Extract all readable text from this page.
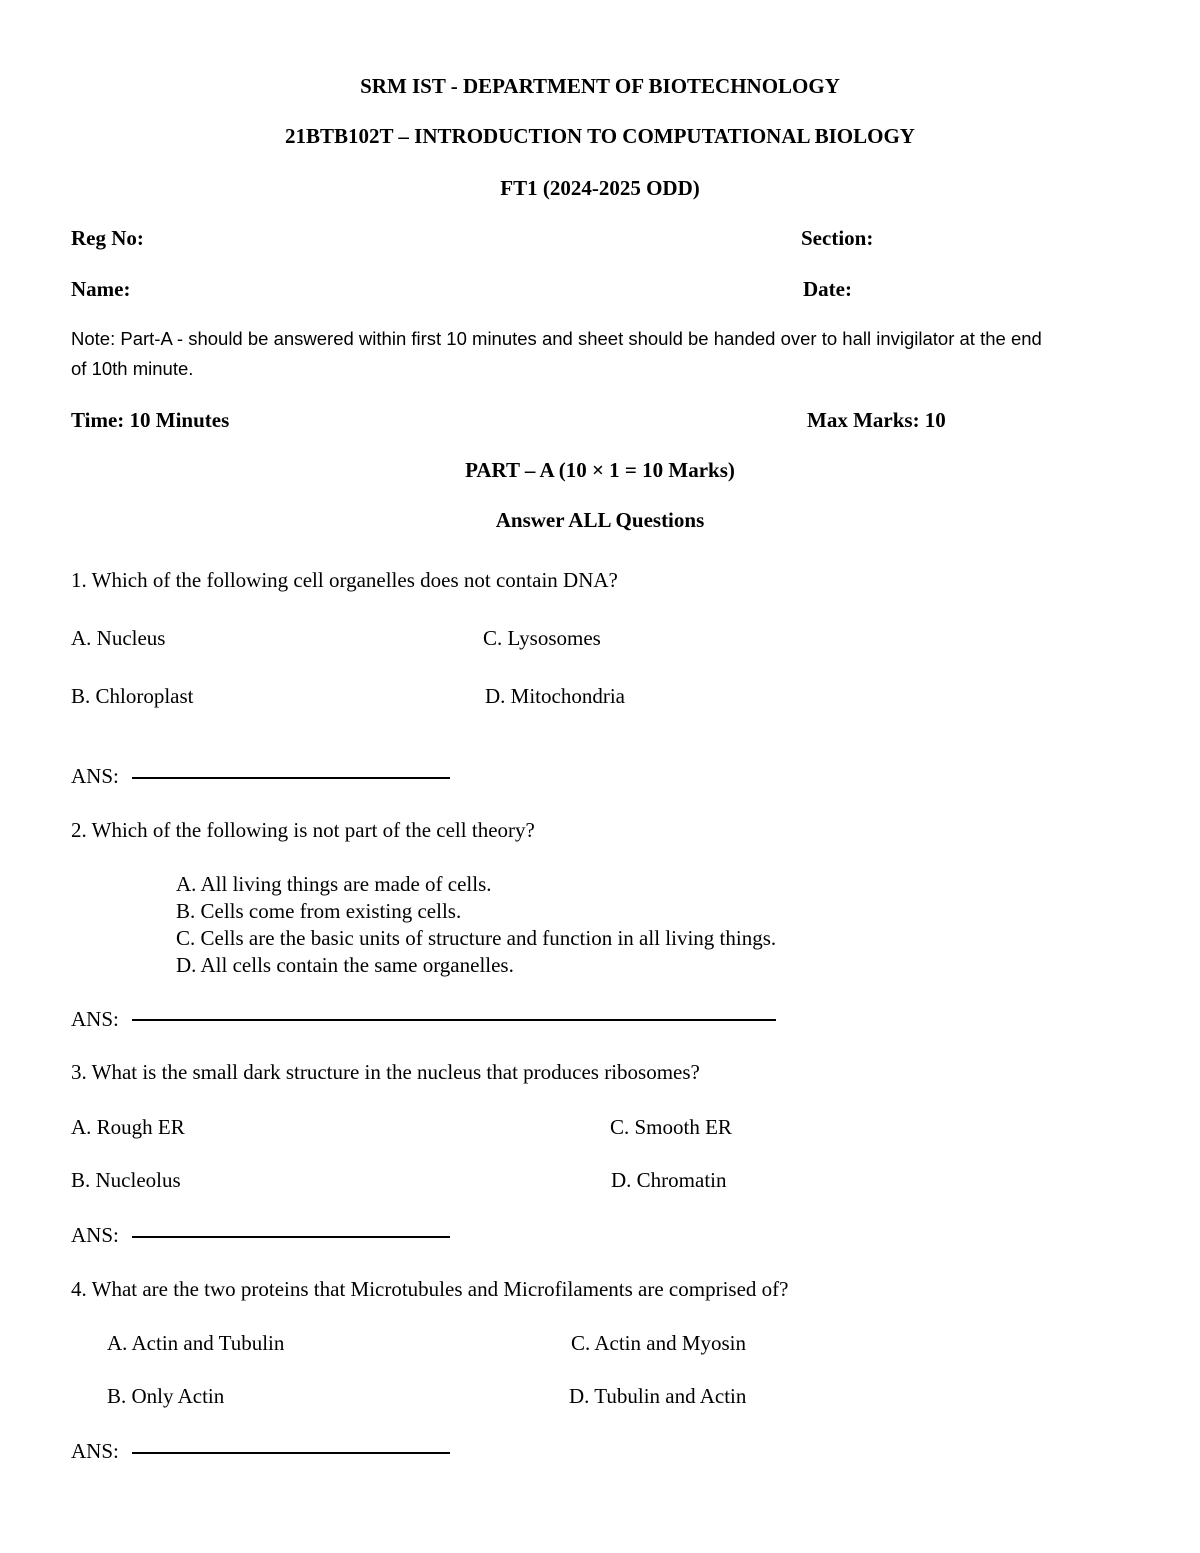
SRM IST - DEPARTMENT OF BIOTECHNOLOGY
21BTB102T – INTRODUCTION TO COMPUTATIONAL BIOLOGY
FT1 (2024-2025 ODD)
Reg No:	Section:
Name:	Date:
Note: Part-A - should be answered within first 10 minutes and sheet should be handed over to hall invigilator at the end
of 10th minute.
Time: 10 Minutes	Max Marks: 10
PART – A (10 × 1 = 10 Marks)
Answer ALL Questions
1. Which of the following cell organelles does not contain DNA?
A. Nucleus	C. Lysosomes
B. Chloroplast	D. Mitochondria
ANS:
2. Which of the following is not part of the cell theory?
A. All living things are made of cells.
B. Cells come from existing cells.
C. Cells are the basic units of structure and function in all living things.
D. All cells contain the same organelles.
ANS:
3. What is the small dark structure in the nucleus that produces ribosomes?
A. Rough ER	C. Smooth ER
B. Nucleolus	D. Chromatin
ANS:
4. What are the two proteins that Microtubules and Microfilaments are comprised of?
A. Actin and Tubulin	C. Actin and Myosin
B. Only Actin	D. Tubulin and Actin
ANS:
